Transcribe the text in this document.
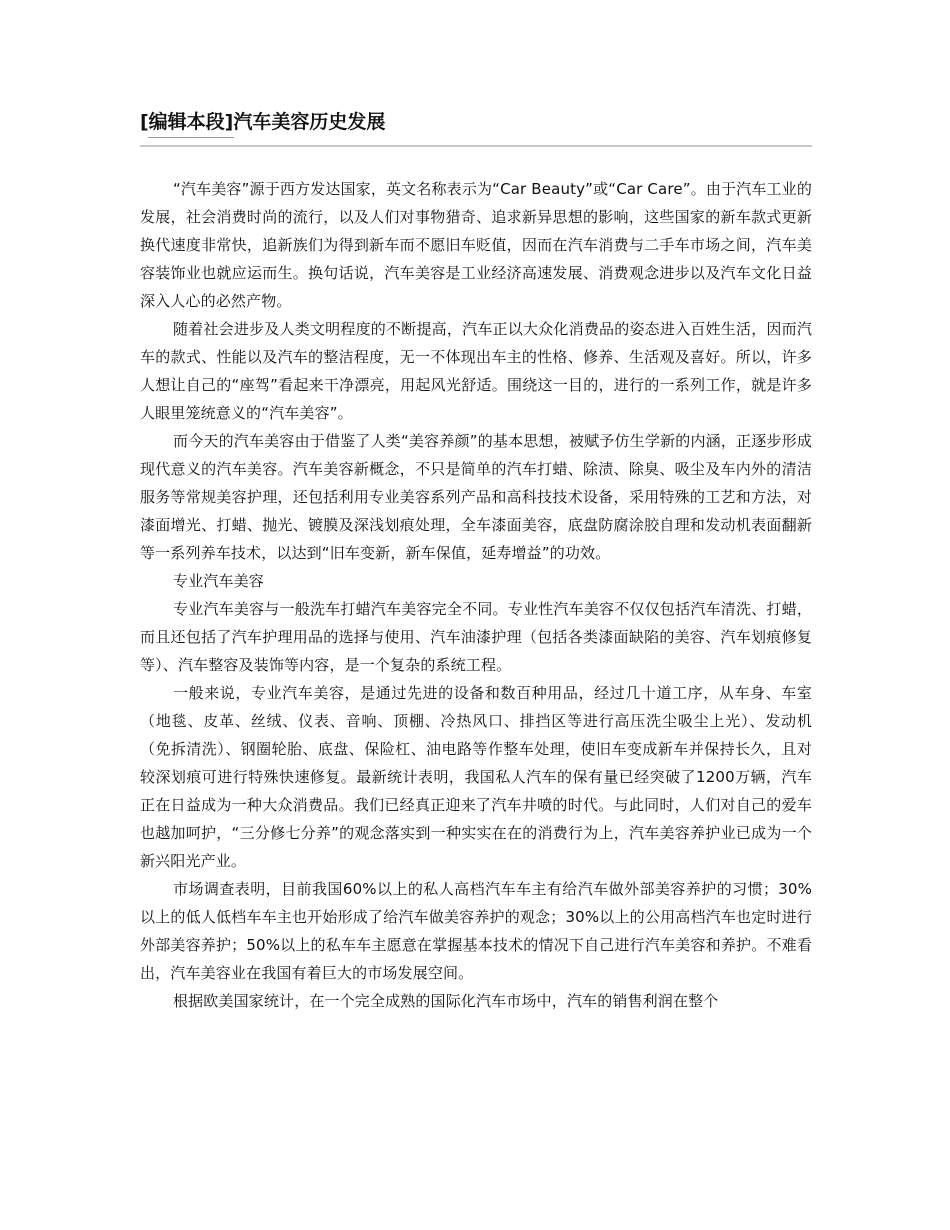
[编辑本段]汽车美容历史发展

“汽车美容”源于西方发达国家，英文名称表示为“Car Beauty”或“Car Care”。由于汽车工业的发展，社会消费时尚的流行，以及人们对事物猎奇、追求新异思想的影响，这些国家的新车款式更新换代速度非常快，追新族们为得到新车而不愿旧车贬值，因而在汽车消费与二手车市场之间，汽车美容装饰业也就应运而生。换句话说，汽车美容是工业经济高速发展、消费观念进步以及汽车文化日益深入人心的必然产物。

随着社会进步及人类文明程度的不断提高，汽车正以大众化消费品的姿态进入百姓生活，因而汽车的款式、性能以及汽车的整洁程度，无一不体现出车主的性格、修养、生活观及喜好。所以，许多人想让自己的“座驾”看起来干净漂亮，用起风光舒适。围绕这一目的，进行的一系列工作，就是许多人眼里笼统意义的“汽车美容”。

而今天的汽车美容由于借鉴了人类“美容养颜”的基本思想，被赋予仿生学新的内涵，正逐步形成现代意义的汽车美容。汽车美容新概念，不只是简单的汽车打蜡、除渍、除臭、吸尘及车内外的清洁服务等常规美容护理，还包括利用专业美容系列产品和高科技技术设备，采用特殊的工艺和方法，对漆面增光、打蜡、抛光、镀膜及深浅划痕处理，全车漆面美容，底盘防腐涂胶自理和发动机表面翻新等一系列养车技术，以达到“旧车变新，新车保值，延寿增益”的功效。

专业汽车美容

专业汽车美容与一般洗车打蜡汽车美容完全不同。专业性汽车美容不仅仅包括汽车清洗、打蜡，而且还包括了汽车护理用品的选择与使用、汽车油漆护理（包括各类漆面缺陷的美容、汽车划痕修复等）、汽车整容及装饰等内容，是一个复杂的系统工程。

一般来说，专业汽车美容，是通过先进的设备和数百种用品，经过几十道工序，从车身、车室（地毯、皮革、丝绒、仪表、音响、顶棚、冷热风口、排挡区等进行高压洗尘吸尘上光）、发动机（免拆清洗）、钢圈轮胎、底盘、保险杠、油电路等作整车处理，使旧车变成新车并保持长久，且对较深划痕可进行特殊快速修复。最新统计表明，我国私人汽车的保有量已经突破了1200万辆，汽车正在日益成为一种大众消费品。我们已经真正迎来了汽车井喷的时代。与此同时，人们对自己的爱车也越加呵护，“三分修七分养”的观念落实到一种实实在在的消费行为上，汽车美容养护业已成为一个新兴阳光产业。

市场调查表明，目前我国60%以上的私人高档汽车车主有给汽车做外部美容养护的习惯；30%以上的低人低档车车主也开始形成了给汽车做美容养护的观念；30%以上的公用高档汽车也定时进行外部美容养护；50%以上的私车车主愿意在掌握基本技术的情况下自己进行汽车美容和养护。不难看出，汽车美容业在我国有着巨大的市场发展空间。

根据欧美国家统计，在一个完全成熟的国际化汽车市场中，汽车的销售利润在整个
